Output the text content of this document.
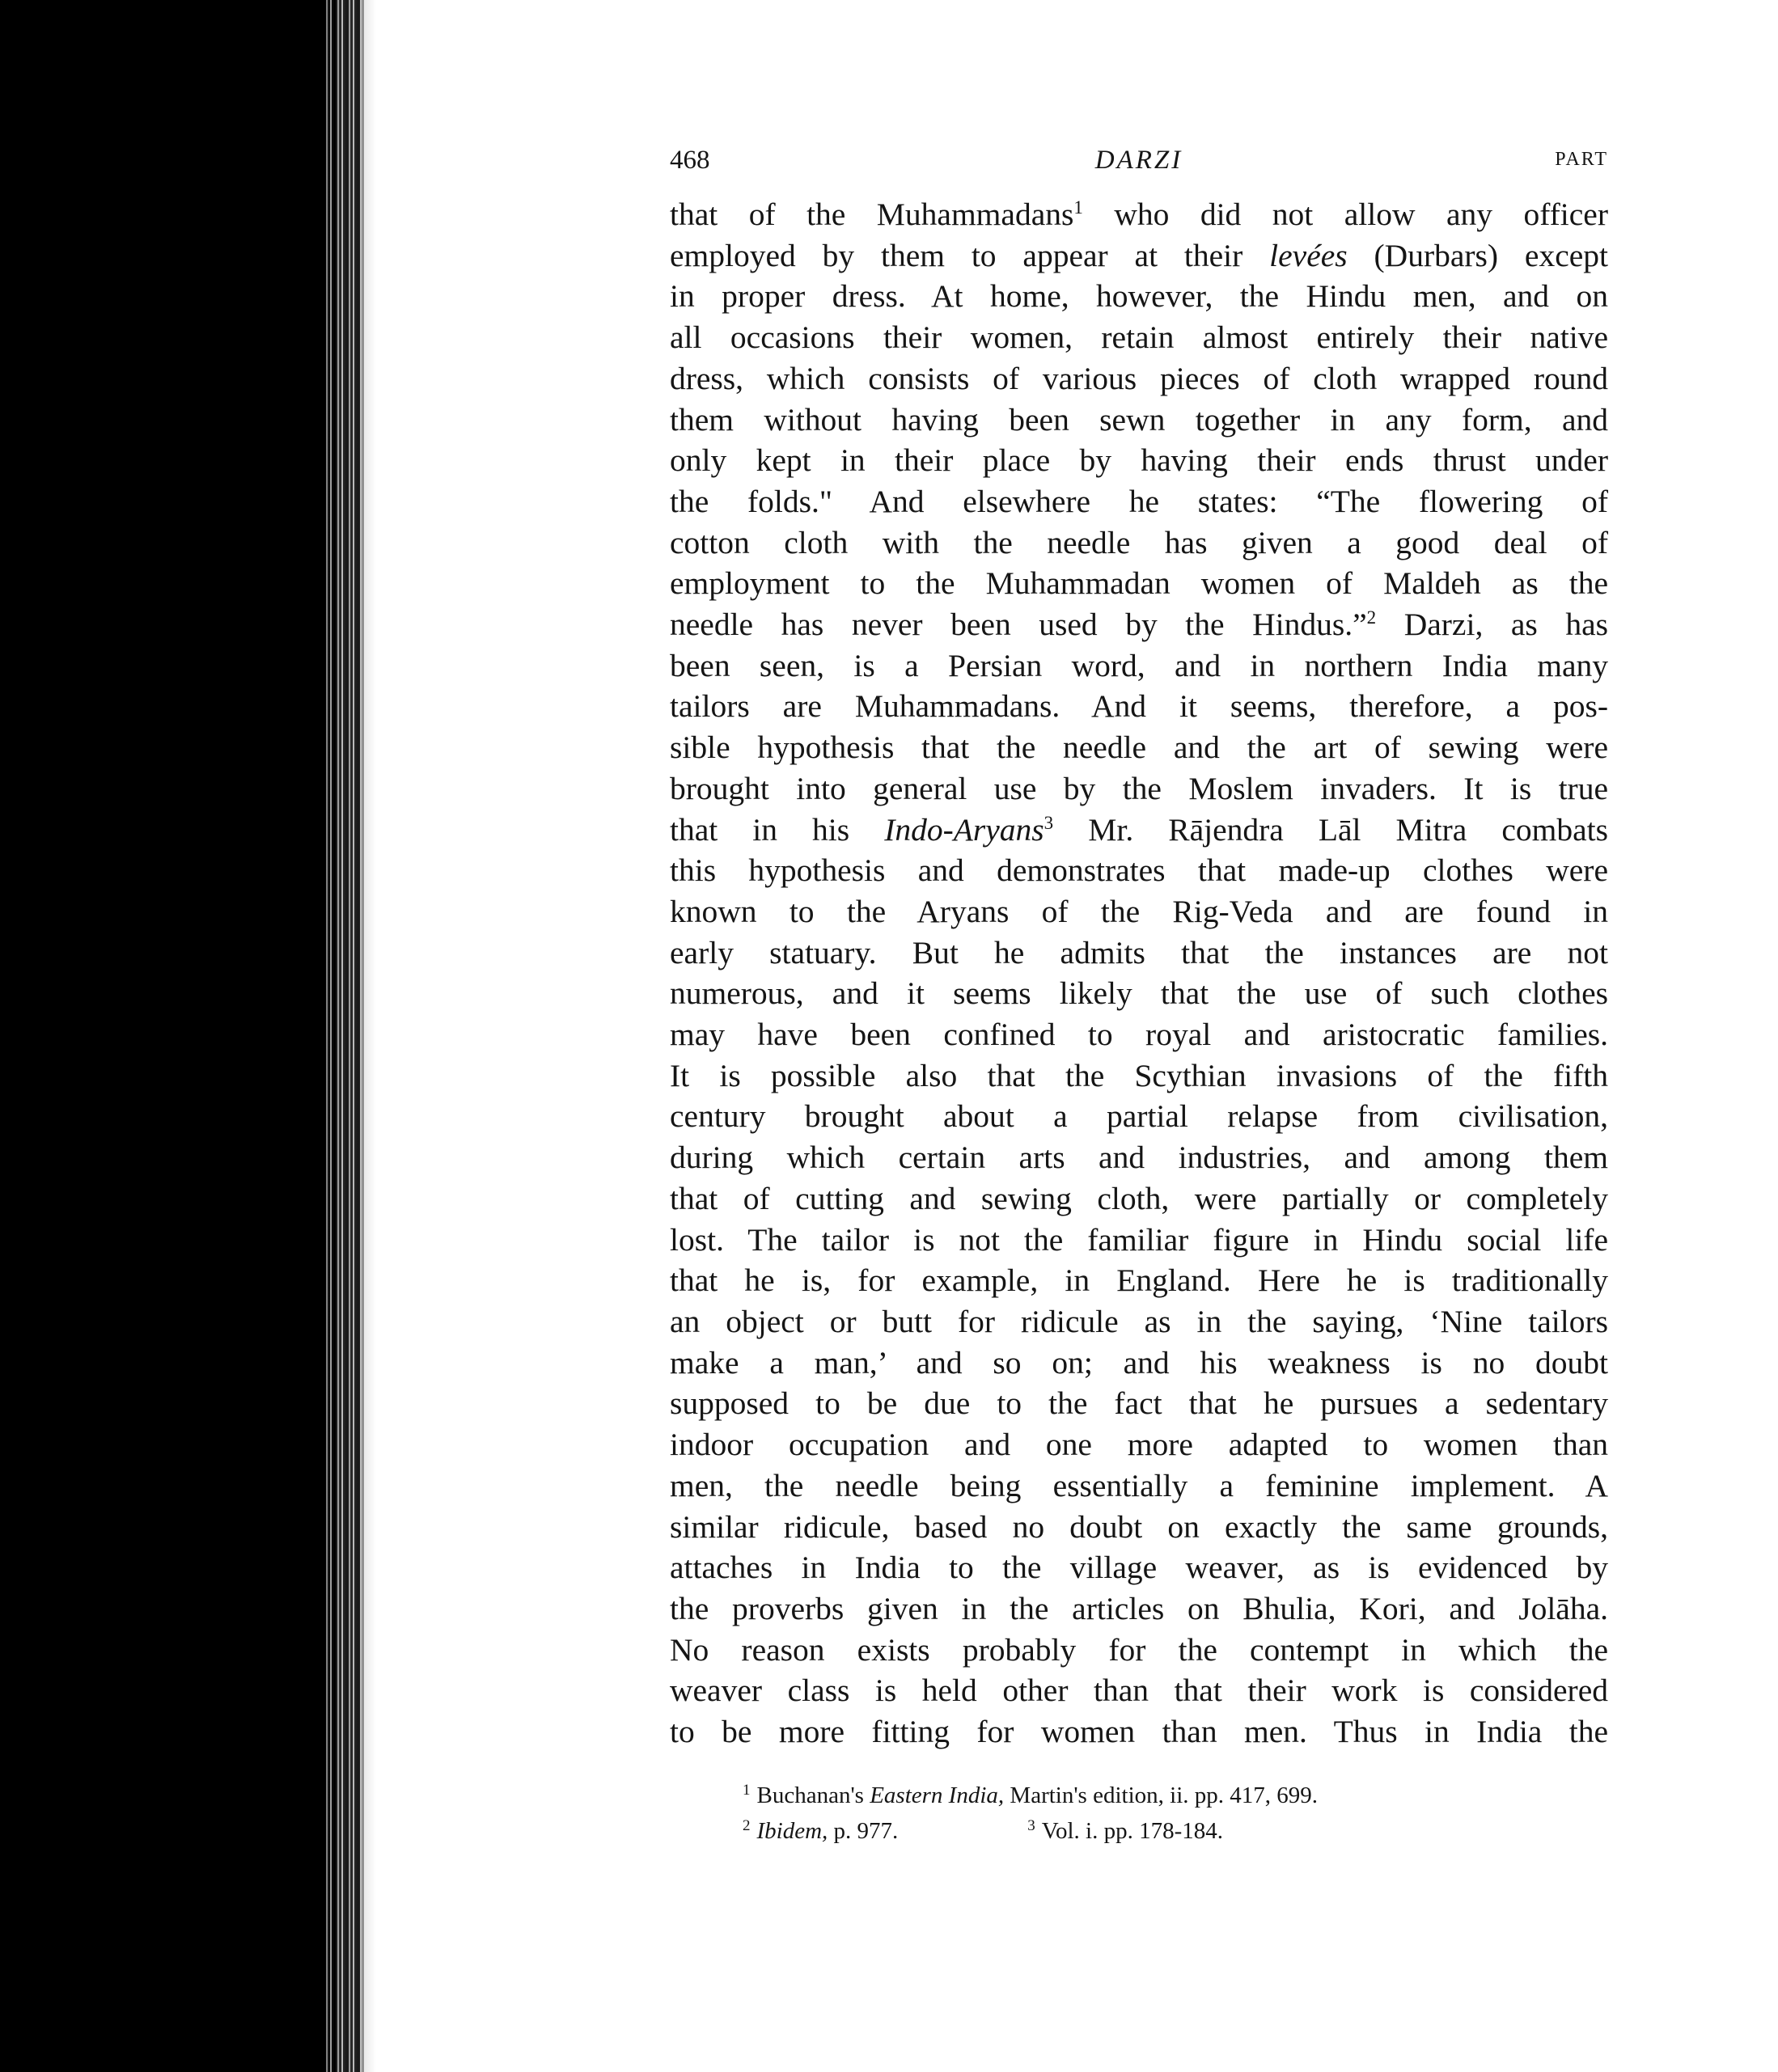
468	DARZI	PART
that of the Muhammadans$^1$ who did not allow any officer
employed by them to appear at their levées (Durbars) except
in proper dress. At home, however, the Hindu men, and on
all occasions their women, retain almost entirely their native
dress, which consists of various pieces of cloth wrapped round
them without having been sewn together in any form, and
only kept in their place by having their ends thrust under
the folds." And elsewhere he states: “The flowering of
cotton cloth with the needle has given a good deal of
employment to the Muhammadan women of Maldeh as the
needle has never been used by the Hindus.”$^2$ Darzi, as has
been seen, is a Persian word, and in northern India many
tailors are Muhammadans. And it seems, therefore, a pos-
sible hypothesis that the needle and the art of sewing were
brought into general use by the Moslem invaders. It is true
that in his Indo-Aryans$^3$ Mr. Rājendra Lāl Mitra combats
this hypothesis and demonstrates that made-up clothes were
known to the Aryans of the Rig-Veda and are found in
early statuary. But he admits that the instances are not
numerous, and it seems likely that the use of such clothes
may have been confined to royal and aristocratic families.
It is possible also that the Scythian invasions of the fifth
century brought about a partial relapse from civilisation,
during which certain arts and industries, and among them
that of cutting and sewing cloth, were partially or completely
lost. The tailor is not the familiar figure in Hindu social life
that he is, for example, in England. Here he is traditionally
an object or butt for ridicule as in the saying, ‘Nine tailors
make a man,’ and so on; and his weakness is no doubt
supposed to be due to the fact that he pursues a sedentary
indoor occupation and one more adapted to women than
men, the needle being essentially a feminine implement. A
similar ridicule, based no doubt on exactly the same grounds,
attaches in India to the village weaver, as is evidenced by
the proverbs given in the articles on Bhulia, Kori, and Jolāha.
No reason exists probably for the contempt in which the
weaver class is held other than that their work is considered
to be more fitting for women than men. Thus in India the
$^1$ Buchanan's Eastern India, Martin's edition, ii. pp. 417, 699.
$^2$ Ibidem, p. 977.	$^3$ Vol. i. pp. 178-184.
